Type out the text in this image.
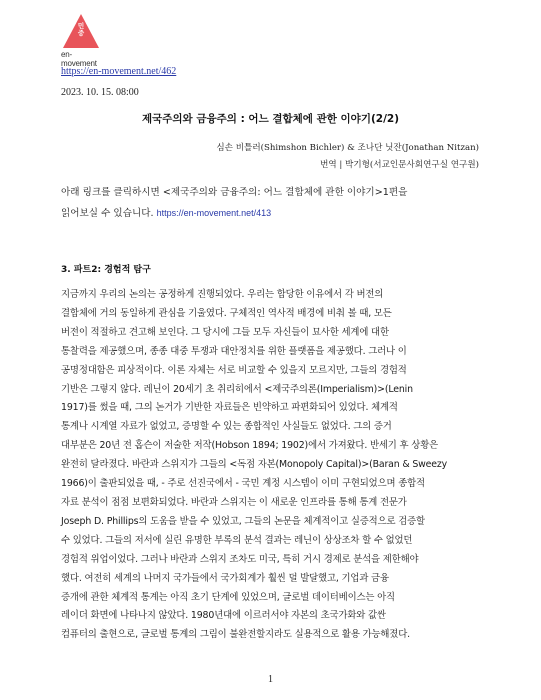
민
중
en-movement
https://en-movement.net/462
2023. 10. 15. 08:00
제국주의와 금융주의 : 어느 결합체에 관한 이야기(2/2)
심손 비틀러(Shimshon Bichler) & 조나단 닛잔(Jonathan Nitzan)
번역 | 박기형(서교인문사회연구실 연구원)
아래 링크를 클릭하시면 <제국주의와 금융주의: 어느 결합체에 관한 이야기>1편을
읽어보실 수 있습니다. https://en-movement.net/413
3. 파트2: 경험적 탐구
지금까지 우리의 논의는 공정하게 진행되었다. 우리는 합당한 이유에서 각 버전의
결합체에 거의 동일하게 관심을 기울였다. 구체적인 역사적 배경에 비춰 볼 때, 모든
버전이 적절하고 견고해 보인다. 그 당시에 그들 모두 자신들이 묘사한 세계에 대한
통찰력을 제공했으며, 종종 대중 투쟁과 대안정치를 위한 플랫폼을 제공했다. 그러나 이
공명정대함은 피상적이다. 이론 자체는 서로 비교할 수 있을지 모르지만, 그들의 경험적
기반은 그렇지 않다. 레닌이 20세기 초 취리히에서 <제국주의론(Imperialism)>(Lenin
1917)를 썼을 때, 그의 논거가 기반한 자료들은 빈약하고 파편화되어 있었다. 체계적
통계나 시계열 자료가 없었고, 증명할 수 있는 종합적인 사실들도 없었다. 그의 증거
대부분은 20년 전 홉슨이 저술한 저작(Hobson 1894; 1902)에서 가져왔다. 반세기 후 상황은
완전히 달라졌다. 바란과 스위지가 그들의 <독점 자본(Monopoly Capital)>(Baran & Sweezy
1966)이 출판되었을 때, - 주로 선진국에서 - 국민 계정 시스템이 이미 구현되었으며 종합적
자료 분석이 점점 보편화되었다. 바란과 스위지는 이 새로운 인프라를 통해 통계 전문가
Joseph D. Phillips의 도움을 받을 수 있었고, 그들의 논문을 체계적이고 실증적으로 검증할
수 있었다. 그들의 저서에 실린 유명한 부록의 분석 결과는 레닌이 상상조차 할 수 없었던
경험적 위업이었다. 그러나 바란과 스위지 조차도 미국, 특히 거시 경제로 분석을 제한해야
했다. 여전히 세계의 나머지 국가들에서 국가회계가 훨씬 덜 발달했고, 기업과 금융
증개에 관한 체계적 통계는 아직 초기 단계에 있었으며, 글로벌 데이터베이스는 아직
레이더 화면에 나타나지 않았다. 1980년대에 이르러서야 자본의 초국가화와 값싼
컴퓨터의 출현으로, 글로벌 통계의 그림이 불완전할지라도 실용적으로 활용 가능해졌다.
1
